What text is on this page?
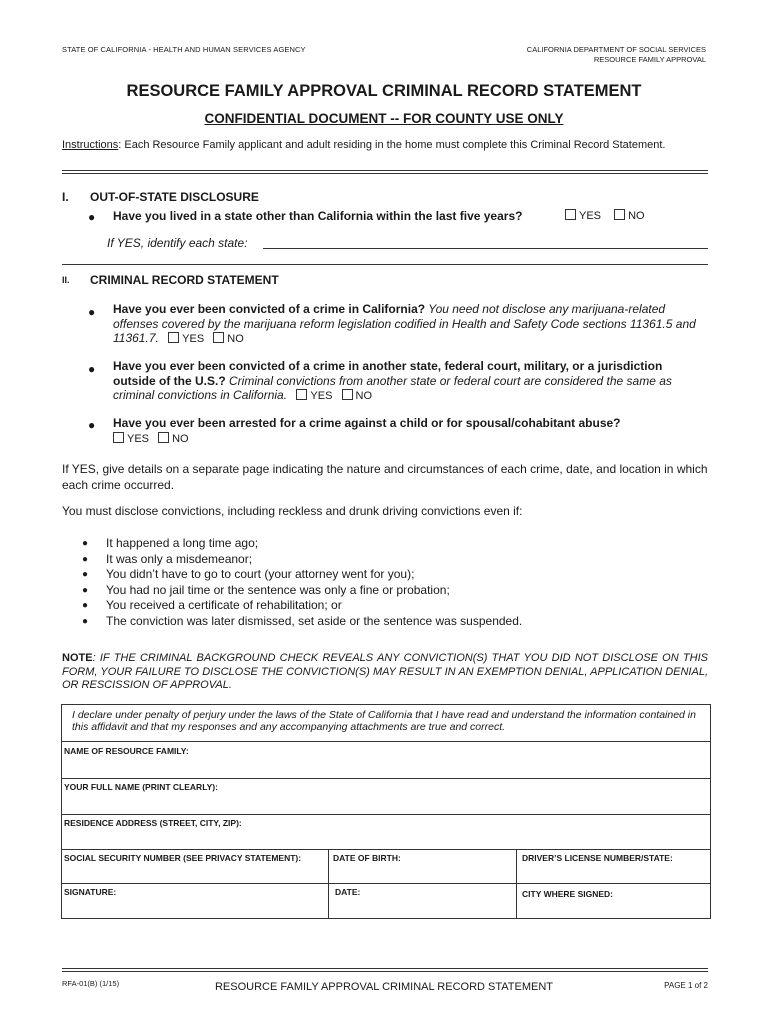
STATE OF CALIFORNIA - HEALTH AND HUMAN SERVICES AGENCY	CALIFORNIA DEPARTMENT OF SOCIAL SERVICES
RESOURCE FAMILY APPROVAL
RESOURCE FAMILY APPROVAL CRIMINAL RECORD STATEMENT
CONFIDENTIAL DOCUMENT -- FOR COUNTY USE ONLY
Instructions: Each Resource Family applicant and adult residing in the home must complete this Criminal Record Statement.
I. OUT-OF-STATE DISCLOSURE
● Have you lived in a state other than California within the last five years?	YES NO
If YES, identify each state:
II. CRIMINAL RECORD STATEMENT
● Have you ever been convicted of a crime in California? You need not disclose any marijuana-related offenses covered by the marijuana reform legislation codified in Health and Safety Code sections 11361.5 and 11361.7. YES NO
● Have you ever been convicted of a crime in another state, federal court, military, or a jurisdiction outside of the U.S.? Criminal convictions from another state or federal court are considered the same as criminal convictions in California. YES NO
● Have you ever been arrested for a crime against a child or for spousal/cohabitant abuse?
YES NO
If YES, give details on a separate page indicating the nature and circumstances of each crime, date, and location in which each crime occurred.
You must disclose convictions, including reckless and drunk driving convictions even if:
● It happened a long time ago;
● It was only a misdemeanor;
● You didn’t have to go to court (your attorney went for you);
● You had no jail time or the sentence was only a fine or probation;
● You received a certificate of rehabilitation; or
● The conviction was later dismissed, set aside or the sentence was suspended.
NOTE: IF THE CRIMINAL BACKGROUND CHECK REVEALS ANY CONVICTION(S) THAT YOU DID NOT DISCLOSE ON THIS FORM, YOUR FAILURE TO DISCLOSE THE CONVICTION(S) MAY RESULT IN AN EXEMPTION DENIAL, APPLICATION DENIAL, OR RESCISSION OF APPROVAL.
I declare under penalty of perjury under the laws of the State of California that I have read and understand the information contained in this affidavit and that my responses and any accompanying attachments are true and correct.
NAME OF RESOURCE FAMILY:
YOUR FULL NAME (PRINT CLEARLY):
RESIDENCE ADDRESS (STREET, CITY, ZIP):
SOCIAL SECURITY NUMBER (SEE PRIVACY STATEMENT):	DATE OF BIRTH:	DRIVER’S LICENSE NUMBER/STATE:
SIGNATURE:	DATE:	CITY WHERE SIGNED:
RFA-01(B) (1/15)	RESOURCE FAMILY APPROVAL CRIMINAL RECORD STATEMENT	PAGE 1 of 2
